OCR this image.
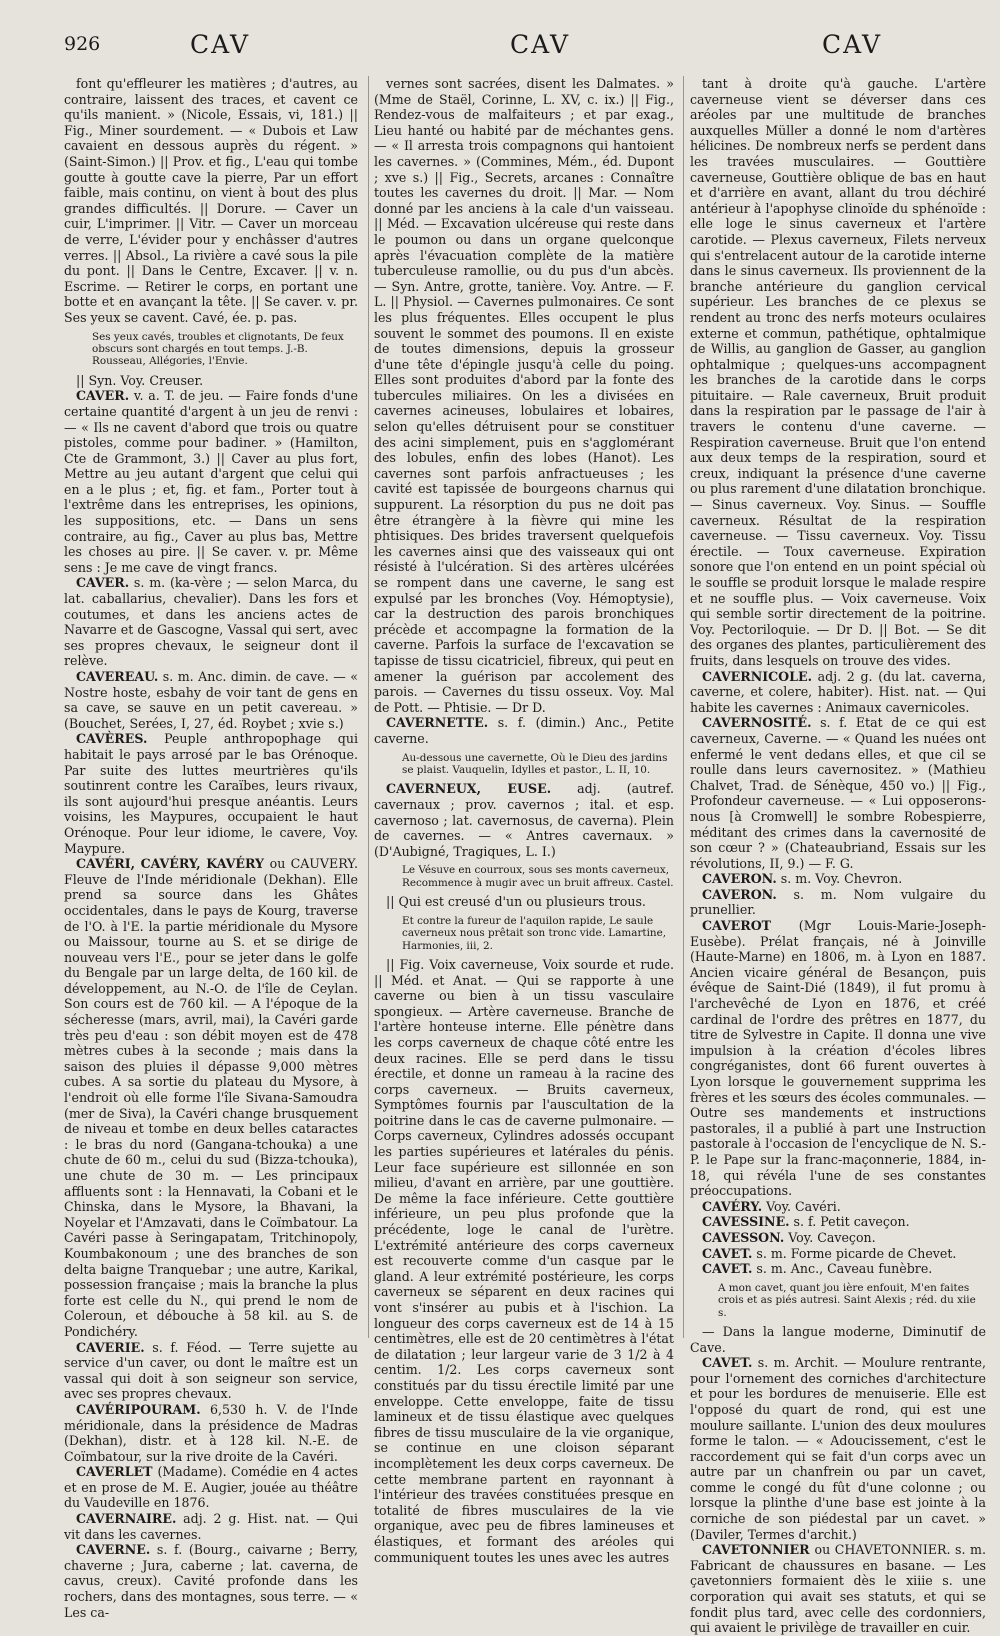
926	CAV	CAV	CAV

font qu'effleurer les matières ; d'autres, au contraire, laissent des traces, et cavent ce qu'ils manient. » (Nicole, Essais, vi, 181.) || Fig., Miner sourdement. — « Dubois et Law cavaient en dessous auprès du régent. » (Saint-Simon.) || Prov. et fig., L'eau qui tombe goutte à goutte cave la pierre, Par un effort faible, mais continu, on vient à bout des plus grandes difficultés. || Dorure. — Caver un cuir, L'imprimer. || Vitr. — Caver un morceau de verre, L'évider pour y enchâsser d'autres verres. || Absol., La rivière a cavé sous la pile du pont. || Dans le Centre, Excaver. || v. n. Escrime. — Retirer le corps, en portant une botte et en avançant la tête. || Se caver. v. pr. Ses yeux se cavent. Cavé, ée. p. pas.

Ses yeux cavés, troubles et clignotants, De feux obscurs sont chargés en tout temps. J.-B. Rousseau, Allégories, l'Envie.

|| Syn. Voy. Creuser.

CAVER. v. a. T. de jeu. — Faire fonds d'une certaine quantité d'argent à un jeu de renvi : — « Ils ne cavent d'abord que trois ou quatre pistoles, comme pour badiner. » (Hamilton, Cte de Grammont, 3.) || Caver au plus fort, Mettre au jeu autant d'argent que celui qui en a le plus ; et, fig. et fam., Porter tout à l'extrême dans les entreprises, les opinions, les suppositions, etc. — Dans un sens contraire, au fig., Caver au plus bas, Mettre les choses au pire. || Se caver. v. pr. Même sens : Je me cave de vingt francs.

CAVER. s. m. (ka-vère ; — selon Marca, du lat. caballarius, chevalier). Dans les fors et coutumes, et dans les anciens actes de Navarre et de Gascogne, Vassal qui sert, avec ses propres chevaux, le seigneur dont il relève.

CAVEREAU. s. m. Anc. dimin. de cave. — « Nostre hoste, esbahy de voir tant de gens en sa cave, se sauve en un petit cavereau. » (Bouchet, Serées, I, 27, éd. Roybet ; xvie s.)

CAVÈRES. Peuple anthropophage qui habitait le pays arrosé par le bas Orénoque. Par suite des luttes meurtrières qu'ils soutinrent contre les Caraïbes, leurs rivaux, ils sont aujourd'hui presque anéantis. Leurs voisins, les Maypures, occupaient le haut Orénoque. Pour leur idiome, le cavere, Voy. Maypure.

CAVÉRI, CAVÉRY, KAVÉRY ou CAUVERY. Fleuve de l'Inde méridionale (Dekhan). Elle prend sa source dans les Ghâtes occidentales, dans le pays de Kourg, traverse de l'O. à l'E. la partie méridionale du Mysore ou Maissour, tourne au S. et se dirige de nouveau vers l'E., pour se jeter dans le golfe du Bengale par un large delta, de 160 kil. de développement, au N.-O. de l'île de Ceylan. Son cours est de 760 kil. — A l'époque de la sécheresse (mars, avril, mai), la Cavéri garde très peu d'eau : son débit moyen est de 478 mètres cubes à la seconde ; mais dans la saison des pluies il dépasse 9,000 mètres cubes. A sa sortie du plateau du Mysore, à l'endroit où elle forme l'île Sivana-Samoudra (mer de Siva), la Cavéri change brusquement de niveau et tombe en deux belles cataractes : le bras du nord (Gangana-tchouka) a une chute de 60 m., celui du sud (Bizza-tchouka), une chute de 30 m. — Les principaux affluents sont : la Hennavati, la Cobani et le Chinska, dans le Mysore, la Bhavani, la Noyelar et l'Amzavati, dans le Coïmbatour. La Cavéri passe à Seringapatam, Tritchinopoly, Koumbakonoum ; une des branches de son delta baigne Tranquebar ; une autre, Karikal, possession française ; mais la branche la plus forte est celle du N., qui prend le nom de Coleroun, et débouche à 58 kil. au S. de Pondichéry.

CAVERIE. s. f. Féod. — Terre sujette au service d'un caver, ou dont le maître est un vassal qui doit à son seigneur son service, avec ses propres chevaux.

CAVÉRIPOURAM. 6,530 h. V. de l'Inde méridionale, dans la présidence de Madras (Dekhan), distr. et à 128 kil. N.-E. de Coïmbatour, sur la rive droite de la Cavéri.

CAVERLET (Madame). Comédie en 4 actes et en prose de M. E. Augier, jouée au théâtre du Vaudeville en 1876.

CAVERNAIRE. adj. 2 g. Hist. nat. — Qui vit dans les cavernes.

CAVERNE. s. f. (Bourg., caivarne ; Berry, chaverne ; Jura, caberne ; lat. caverna, de cavus, creux). Cavité profonde dans les rochers, dans des montagnes, sous terre. — « Les ca-

vernes sont sacrées, disent les Dalmates. » (Mme de Staël, Corinne, L. XV, c. ix.) || Fig., Rendez-vous de malfaiteurs ; et par exag., Lieu hanté ou habité par de méchantes gens. — « Il arresta trois compagnons qui hantoient les cavernes. » (Commines, Mém., éd. Dupont ; xve s.) || Fig., Secrets, arcanes : Connaître toutes les cavernes du droit. || Mar. — Nom donné par les anciens à la cale d'un vaisseau. || Méd. — Excavation ulcéreuse qui reste dans le poumon ou dans un organe quelconque après l'évacuation complète de la matière tuberculeuse ramollie, ou du pus d'un abcès. — Syn. Antre, grotte, tanière. Voy. Antre. — F. L. || Physiol. — Cavernes pulmonaires. Ce sont les plus fréquentes. Elles occupent le plus souvent le sommet des poumons. Il en existe de toutes dimensions, depuis la grosseur d'une tête d'épingle jusqu'à celle du poing. Elles sont produites d'abord par la fonte des tubercules miliaires. On les a divisées en cavernes acineuses, lobulaires et lobaires, selon qu'elles détruisent pour se constituer des acini simplement, puis en s'agglomérant des lobules, enfin des lobes (Hanot). Les cavernes sont parfois anfractueuses ; les cavité est tapissée de bourgeons charnus qui suppurent. La résorption du pus ne doit pas être étrangère à la fièvre qui mine les phtisiques. Des brides traversent quelquefois les cavernes ainsi que des vaisseaux qui ont résisté à l'ulcération. Si des artères ulcérées se rompent dans une caverne, le sang est expulsé par les bronches (Voy. Hémoptysie), car la destruction des parois bronchiques précède et accompagne la formation de la caverne. Parfois la surface de l'excavation se tapisse de tissu cicatriciel, fibreux, qui peut en amener la guérison par accolement des parois. — Cavernes du tissu osseux. Voy. Mal de Pott. — Phtisie. — Dr D.

CAVERNETTE. s. f. (dimin.) Anc., Petite caverne.

Au-dessous une cavernette, Où le Dieu des jardins se plaist. Vauquelin, Idylles et pastor., L. II, 10.

CAVERNEUX, EUSE. adj. (autref. cavernaux ; prov. cavernos ; ital. et esp. cavernoso ; lat. cavernosus, de caverna). Plein de cavernes. — « Antres cavernaux. » (D'Aubigné, Tragiques, L. I.)

Le Vésuve en courroux, sous ses monts caverneux, Recommence à mugir avec un bruit affreux. Castel.

|| Qui est creusé d'un ou plusieurs trous.

Et contre la fureur de l'aquilon rapide, Le saule caverneux nous prêtait son tronc vide. Lamartine, Harmonies, iii, 2.

|| Fig. Voix caverneuse, Voix sourde et rude. || Méd. et Anat. — Qui se rapporte à une caverne ou bien à un tissu vasculaire spongieux. — Artère caverneuse. Branche de l'artère honteuse interne. Elle pénètre dans les corps caverneux de chaque côté entre les deux racines. Elle se perd dans le tissu érectile, et donne un rameau à la racine des corps caverneux. — Bruits caverneux, Symptômes fournis par l'auscultation de la poitrine dans le cas de caverne pulmonaire. — Corps caverneux, Cylindres adossés occupant les parties supérieures et latérales du pénis. Leur face supérieure est sillonnée en son milieu, d'avant en arrière, par une gouttière. De même la face inférieure. Cette gouttière inférieure, un peu plus profonde que la précédente, loge le canal de l'urètre. L'extrémité antérieure des corps caverneux est recouverte comme d'un casque par le gland. A leur extrémité postérieure, les corps caverneux se séparent en deux racines qui vont s'insérer au pubis et à l'ischion. La longueur des corps caverneux est de 14 à 15 centimètres, elle est de 20 centimètres à l'état de dilatation ; leur largeur varie de 3 1/2 à 4 centim. 1/2. Les corps caverneux sont constitués par du tissu érectile limité par une enveloppe. Cette enveloppe, faite de tissu lamineux et de tissu élastique avec quelques fibres de tissu musculaire de la vie organique, se continue en une cloison séparant incomplètement les deux corps caverneux. De cette membrane partent en rayonnant à l'intérieur des travées constituées presque en totalité de fibres musculaires de la vie organique, avec peu de fibres lamineuses et élastiques, et formant des aréoles qui communiquent toutes les unes avec les autres

tant à droite qu'à gauche. L'artère caverneuse vient se déverser dans ces aréoles par une multitude de branches auxquelles Müller a donné le nom d'artères hélicines. De nombreux nerfs se perdent dans les travées musculaires. — Gouttière caverneuse, Gouttière oblique de bas en haut et d'arrière en avant, allant du trou déchiré antérieur à l'apophyse clinoïde du sphénoïde : elle loge le sinus caverneux et l'artère carotide. — Plexus caverneux, Filets nerveux qui s'entrelacent autour de la carotide interne dans le sinus caverneux. Ils proviennent de la branche antérieure du ganglion cervical supérieur. Les branches de ce plexus se rendent au tronc des nerfs moteurs oculaires externe et commun, pathétique, ophtalmique de Willis, au ganglion de Gasser, au ganglion ophtalmique ; quelques-uns accompagnent les branches de la carotide dans le corps pituitaire. — Rale caverneux, Bruit produit dans la respiration par le passage de l'air à travers le contenu d'une caverne. — Respiration caverneuse. Bruit que l'on entend aux deux temps de la respiration, sourd et creux, indiquant la présence d'une caverne ou plus rarement d'une dilatation bronchique. — Sinus caverneux. Voy. Sinus. — Souffle caverneux. Résultat de la respiration caverneuse. — Tissu caverneux. Voy. Tissu érectile. — Toux caverneuse. Expiration sonore que l'on entend en un point spécial où le souffle se produit lorsque le malade respire et ne souffle plus. — Voix caverneuse. Voix qui semble sortir directement de la poitrine. Voy. Pectoriloquie. — Dr D. || Bot. — Se dit des organes des plantes, particulièrement des fruits, dans lesquels on trouve des vides.

CAVERNICOLE. adj. 2 g. (du lat. caverna, caverne, et colere, habiter). Hist. nat. — Qui habite les cavernes : Animaux cavernicoles.

CAVERNOSITÉ. s. f. Etat de ce qui est caverneux, Caverne. — « Quand les nuées ont enfermé le vent dedans elles, et que cil se roulle dans leurs cavernositez. » (Mathieu Chalvet, Trad. de Sénèque, 450 vo.) || Fig., Profondeur caverneuse. — « Lui opposerons-nous [à Cromwell] le sombre Robespierre, méditant des crimes dans la cavernosité de son cœur ? » (Chateaubriand, Essais sur les révolutions, II, 9.) — F. G.

CAVERON. s. m. Voy. Chevron.

CAVERON. s. m. Nom vulgaire du prunellier.

CAVEROT (Mgr Louis-Marie-Joseph-Eusèbe). Prélat français, né à Joinville (Haute-Marne) en 1806, m. à Lyon en 1887. Ancien vicaire général de Besançon, puis évêque de Saint-Dié (1849), il fut promu à l'archevêché de Lyon en 1876, et créé cardinal de l'ordre des prêtres en 1877, du titre de Sylvestre in Capite. Il donna une vive impulsion à la création d'écoles libres congréganistes, dont 66 furent ouvertes à Lyon lorsque le gouvernement supprima les frères et les sœurs des écoles communales. — Outre ses mandements et instructions pastorales, il a publié à part une Instruction pastorale à l'occasion de l'encyclique de N. S.-P. le Pape sur la franc-maçonnerie, 1884, in-18, qui révéla l'une de ses constantes préoccupations.

CAVÉRY. Voy. Cavéri.

CAVESSINE. s. f. Petit caveçon.

CAVESSON. Voy. Caveçon.

CAVET. s. m. Forme picarde de Chevet.

CAVET. s. m. Anc., Caveau funèbre.

A mon cavet, quant jou ière enfouit, M'en faites crois et as piés autresi. Saint Alexis ; réd. du xiie s.

— Dans la langue moderne, Diminutif de Cave.

CAVET. s. m. Archit. — Moulure rentrante, pour l'ornement des corniches d'architecture et pour les bordures de menuiserie. Elle est l'opposé du quart de rond, qui est une moulure saillante. L'union des deux moulures forme le talon. — « Adoucissement, c'est le raccordement qui se fait d'un corps avec un autre par un chanfrein ou par un cavet, comme le congé du fût d'une colonne ; ou lorsque la plinthe d'une base est jointe à la corniche de son piédestal par un cavet. » (Daviler, Termes d'archit.)

CAVETONNIER ou CHAVETONNIER. s. m. Fabricant de chaussures en basane. — Les çavetonniers formaient dès le xiiie s. une corporation qui avait ses statuts, et qui se fondit plus tard, avec celle des cordonniers, qui avaient le privilège de travailler en cuir.
